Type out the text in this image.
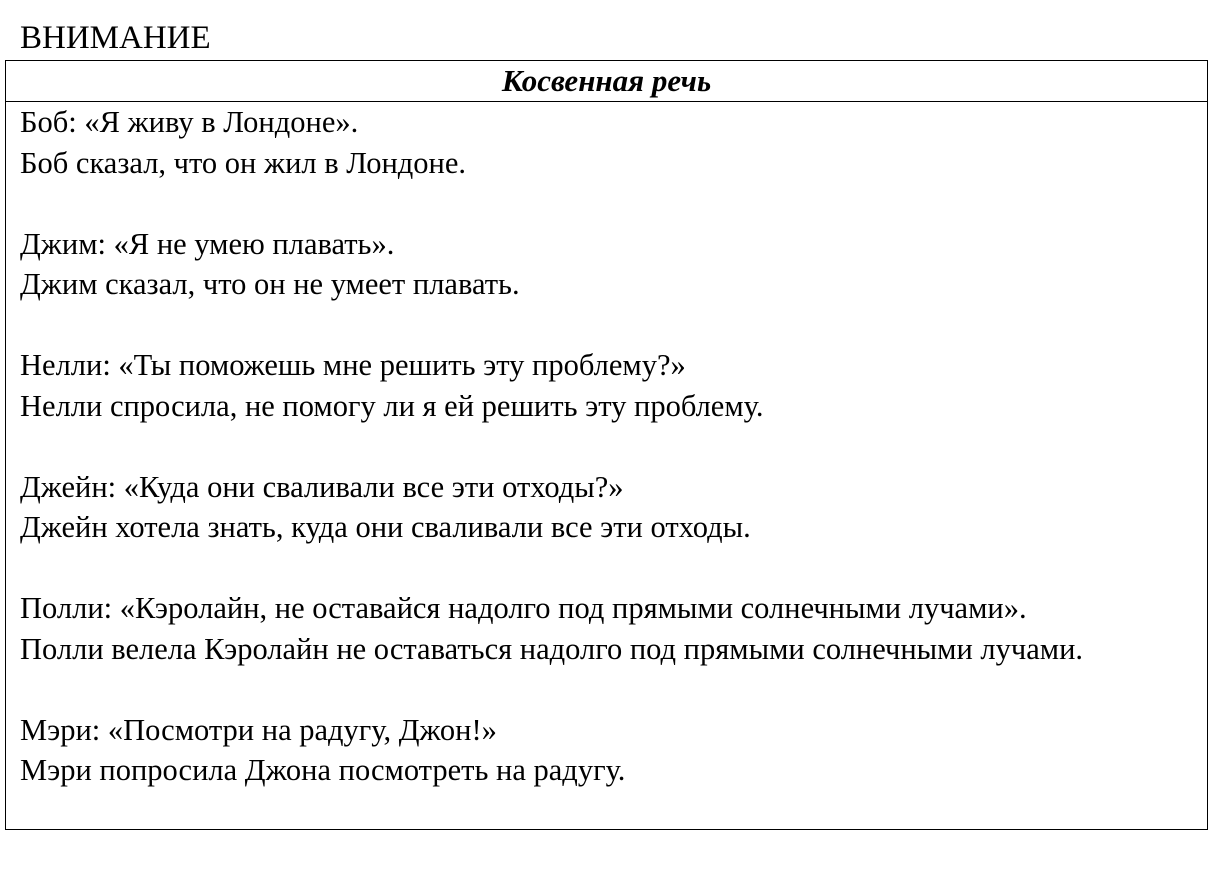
ВНИМАНИЕ
Косвенная речь
Боб: «Я живу в Лондоне».
Боб сказал, что он жил в Лондоне.
Джим: «Я не умею плавать».
Джим сказал, что он не умеет плавать.
Нелли: «Ты поможешь мне решить эту проблему?»
Нелли спросила, не помогу ли я ей решить эту проблему.
Джейн: «Куда они сваливали все эти отходы?»
Джейн хотела знать, куда они сваливали все эти отходы.
Полли: «Кэролайн, не оставайся надолго под прямыми солнечными лучами».
Полли велела Кэролайн не оставаться надолго под прямыми солнечными лучами.
Мэри: «Посмотри на радугу, Джон!»
Мэри попросила Джона посмотреть на радугу.
